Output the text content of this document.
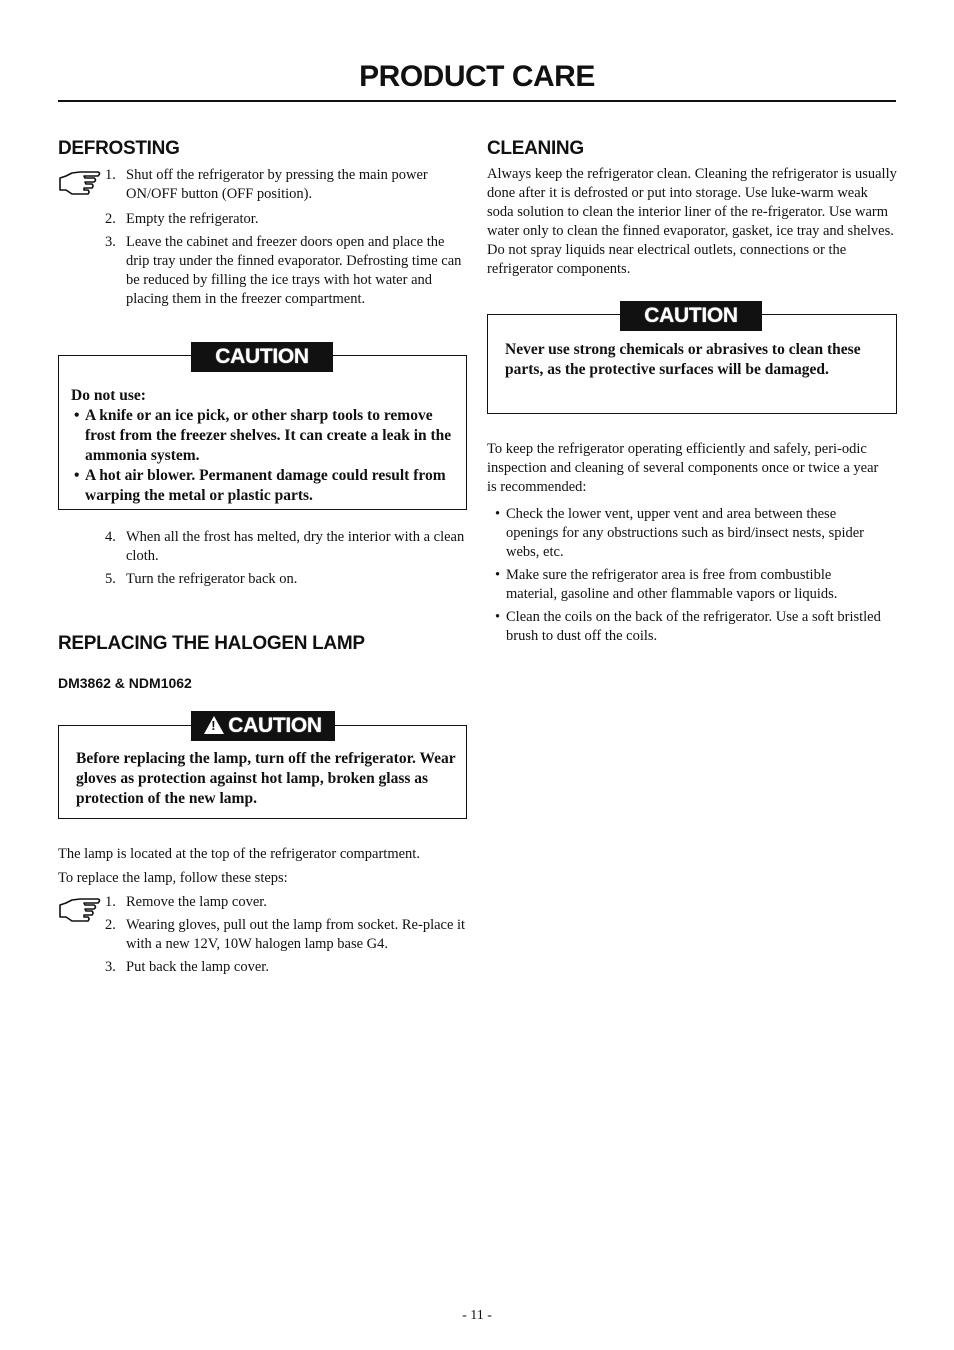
PRODUCT CARE
DEFROSTING
1. Shut off the refrigerator by pressing the main power ON/OFF button (OFF position).
2. Empty the refrigerator.
3. Leave the cabinet and freezer doors open and place the drip tray under the finned evaporator. Defrosting time can be reduced by filling the ice trays with hot water and placing them in the freezer compartment.
CAUTION
Do not use:
• A knife or an ice pick, or other sharp tools to remove frost from the freezer shelves. It can create a leak in the ammonia system.
• A hot air blower. Permanent damage could result from warping the metal or plastic parts.
4. When all the frost has melted, dry the interior with a clean cloth.
5. Turn the refrigerator back on.
REPLACING THE HALOGEN LAMP
DM3862 & NDM1062
! CAUTION
Before replacing the lamp, turn off the refrigerator. Wear gloves as protection against hot lamp, broken glass as protection of the new lamp.
The lamp is located at the top of the refrigerator compartment.
To replace the lamp, follow these steps:
1. Remove the lamp cover.
2. Wearing gloves, pull out the lamp from socket. Re-place it with a new 12V, 10W halogen lamp base G4.
3. Put back the lamp cover.
CLEANING
Always keep the refrigerator clean. Cleaning the refrigerator is usually done after it is defrosted or put into storage. Use luke-warm weak soda solution to clean the interior liner of the re-frigerator. Use warm water only to clean the finned evaporator, gasket, ice tray and shelves. Do not spray liquids near electrical outlets, connections or the refrigerator components.
CAUTION
Never use strong chemicals or abrasives to clean these parts, as the protective surfaces will be damaged.
To keep the refrigerator operating efficiently and safely, peri-odic inspection and cleaning of several components once or twice a year is recommended:
• Check the lower vent, upper vent and area between these openings for any obstructions such as bird/insect nests, spider webs, etc.
• Make sure the refrigerator area is free from combustible material, gasoline and other flammable vapors or liquids.
• Clean the coils on the back of the refrigerator. Use a soft bristled brush to dust off the coils.
- 11 -
